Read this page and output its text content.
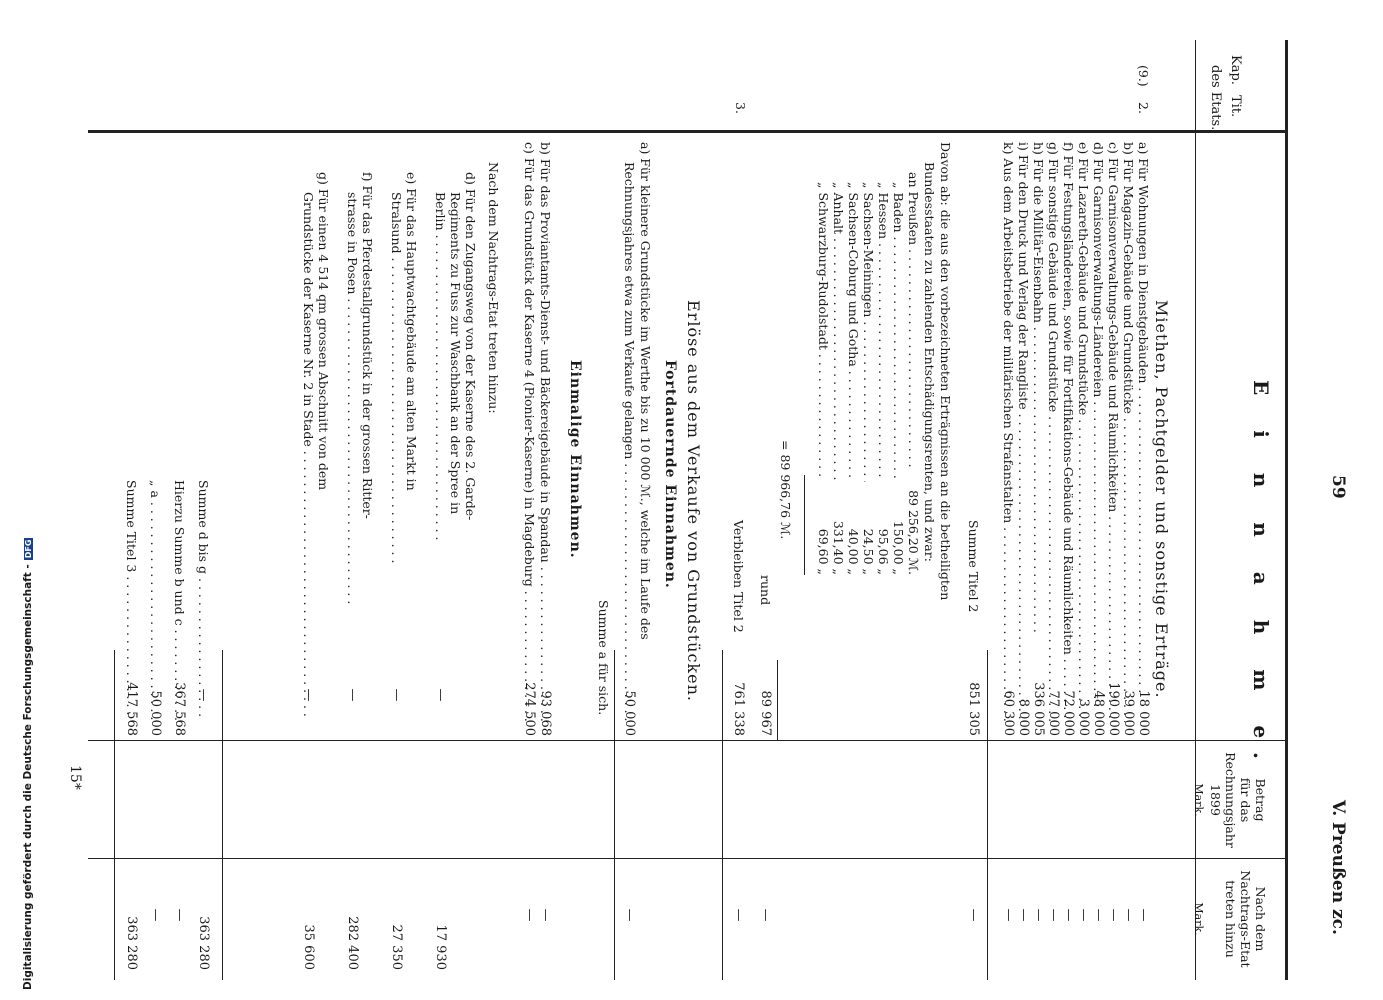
Digitalisierung gefördert durch die Deutsche Forschungsgemeinschaft -DFG
59
V. Preußen zc.
Kap.
Tit.
des Etats.
Betrag
für das
Rechnungsjahr
1899
Mark.
Nach dem
Nachtrags-Etat
treten hinzu
Mark.
E i n n a h m e.
(9.)
2.
Miethen, Pachtgelder und sonstige Erträge.
a) Für Wohnungen in Dienstgebäuden . . .
18 000
—
b) Für Magazin-Gebäude und Grundstücke . . .
39 000
—
c) Für Garnisonverwaltungs-Gebäude und Räumlichkeiten . . .
190 000
—
d) Für Garnisonverwaltungs-Ländereien . . .
48 000
—
e) Für Lazareth-Gebäude und Grundstücke . . .
3 000
—
f) Für Festungsländereien, sowie für Fortifikations-Gebäude und Räumlichkeiten . . .
72 000
—
g) Für sonstige Gebäude und Grundstücke . . .
77 000
—
h) Für die Militär-Eisenbahn . . .
336 005
—
i) Für den Druck und Verlag der Rangliste . . .
8 000
—
k) Aus dem Arbeitsbetriebe der militärischen Strafanstalten . . .
60 300
—
Summe Titel 2
851 305
—
Davon ab: die aus den vorbezeichneten Erträgnissen an die betheiligten
Bundesstaaten zu zahlenden Entschädigungsrenten, und zwar:
an Preußen . . .
89 256,20 ℳ.
„ Baden . . .
150,00 „
„ Hessen . . .
95,06 „
„ Sachsen-Meiningen . . .
24,50 „
„ Sachsen-Coburg und Gotha . . .
40,00 „
„ Anhalt . . .
331,40 „
„ Schwarzburg-Rudolstadt . . .
69,60 „
= 89 966,76 ℳ.
rund
89 967
—
Verbleiben Titel 2
761 338
—
3.
Erlöse aus dem Verkaufe von Grundstücken.
Fortdauernde Einnahmen.
a) Für kleinere Grundstücke im Werthe bis zu 10 000 ℳ., welche im Laufe des
Rechnungsjahres etwa zum Verkaufe gelangen . . .
50 000
—
Summe a für sich.
Einmalige Einnahmen.
b) Für das Proviantamts-Dienst- und Bäckereigebäude in Spandau . . .
93 068
—
c) Für das Grundstück der Kaserne 4 (Pionier-Kaserne) in Magdeburg . . .
274 500
—
Nach dem Nachtrags-Etat treten hinzu:
d) Für den Zugangsweg von der Kaserne des 2. Garde-
Regiments zu Fuss zur Waschbank an der Spree in
Berlin . . .
—
17 930
e) Für das Hauptwachtgebäude am alten Markt in
Stralsund . . .
—
27 350
f) Für das Pferdestallgrundstück in der grossen Ritter-
strasse in Posen . . .
—
282 400
g) Für einen 4 514 qm grossen Abschnitt von dem
Grundstücke der Kaserne Nr. 2 in Stade . . .
—
35 600
Summe d bis g . . .
—
363 280
Hierzu Summe b und c . . .
367 568
—
„ a . . .
50 000
—
Summe Titel 3 . . .
417 568
363 280
15*
